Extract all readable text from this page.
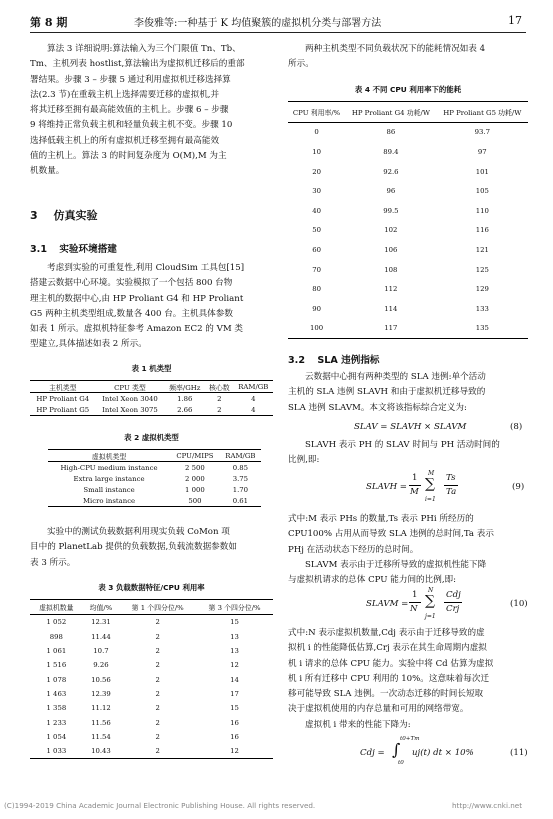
第 8 期	李俊雅等:一种基于 K 均值聚簇的虚拟机分类与部署方法	17
算法 3 详细说明:算法输入为三个门限值 Tn、Tb、
Tm、主机列表 hostlist,算法输出为虚拟机迁移后的重部
署结果。步骤 3 – 步骤 5 通过利用虚拟机迁移选择算
法(2.3 节)在重载主机上选择需要迁移的虚拟机,并
将其迁移至拥有最高能效值的主机上。步骤 6 – 步骤
9 将维持正常负载主机和轻量负载主机不变。步骤 10
选择低载主机上的所有虚拟机迁移至拥有最高能效
值的主机上。算法 3 的时间复杂度为 O(M),M 为主
机数量。
3 仿真实验
3.1 实验环境搭建
考虑到实验的可重复性,利用 CloudSim 工具包[15]
搭建云数据中心环境。实验模拟了一个包括 800 台物
理主机的数据中心,由 HP Proliant G4 和 HP Proliant
G5 两种主机类型组成,数量各 400 台。主机具体参数
如表 1 所示。虚拟机特征参考 Amazon EC2 的 VM 类
型建立,具体描述如表 2 所示。
表 1 机类型
主机类型	CPU 类型	频率/GHz	核心数	RAM/GB
HP Proliant G4	Intel Xeon 3040	1.86	2	4
HP Proliant G5	Intel Xeon 3075	2.66	2	4
表 2 虚拟机类型
虚拟机类型	CPU/MIPS	RAM/GB
High-CPU medium instance	2 500	0.85
Extra large instance	2 000	3.75
Small instance	1 000	1.70
Micro instance	500	0.61
实验中的测试负载数据利用现实负载 CoMon 项
目中的 PlanetLab 提供的负载数据,负载流数据参数如
表 3 所示。
表 3 负载数据特征/CPU 利用率
虚拟机数量	均值/%	第 1 个四分位/%	第 3 个四分位/%
1 052	12.31	2	15
898	11.44	2	13
1 061	10.7	2	13
1 516	9.26	2	12
1 078	10.56	2	14
1 463	12.39	2	17
1 358	11.12	2	15
1 233	11.56	2	16
1 054	11.54	2	16
1 033	10.43	2	12
两种主机类型不同负载状况下的能耗情况如表 4
所示。
表 4 不同 CPU 利用率下的能耗
CPU 利用率/%	HP Proliant G4 功耗/W	HP Proliant G5 功耗/W
0	86	93.7
10	89.4	97
20	92.6	101
30	96	105
40	99.5	110
50	102	116
60	106	121
70	108	125
80	112	129
90	114	133
100	117	135
3.2 SLA 违例指标
云数据中心拥有两种类型的 SLA 违例:单个活动
主机的 SLA 违例 SLAVH 和由于虚拟机迁移导致的
SLA 违例 SLAVM。本文将该指标综合定义为:
SLAV = SLAVH × SLAVM	(8)
SLAVH 表示 PH 的 SLAV 时间与 PH 活动时间的
比例,即:
SLAVH =
1
M
M
∑
i=1
Ts
Ta	(9)
式中:M 表示 PHs 的数量,Ts 表示 PHi 所经历的
CPU100% 占用从而导致 SLA 违例的总时间,Ta 表示
PHj 在活动状态下经历的总时间。
SLAVM 表示由于迁移所导致的虚拟机性能下降
与虚拟机请求的总体 CPU 能力间的比例,即:
SLAVM =
1
N
N
∑
j=1
Cdj
Crj	(10)
式中:N 表示虚拟机数量,Cdj 表示由于迁移导致的虚
拟机 i 的性能降低估算,Crj 表示在其生命周期内虚拟
机 i 请求的总体 CPU 能力。实验中将 Cd 估算为虚拟
机 i 所有迁移中 CPU 利用的 10%。这意味着每次迁
移可能导致 SLA 违例。一次动态迁移的时间长短取
决于虚拟机使用的内存总量和可用的网络带宽。
虚拟机 i 带来的性能下降为:
Cdj =
t0+Tm
∫
t0
uj(t) dt × 10%	(11)
(C)1994-2019 China Academic Journal Electronic Publishing House. All rights reserved.	http://www.cnki.net
